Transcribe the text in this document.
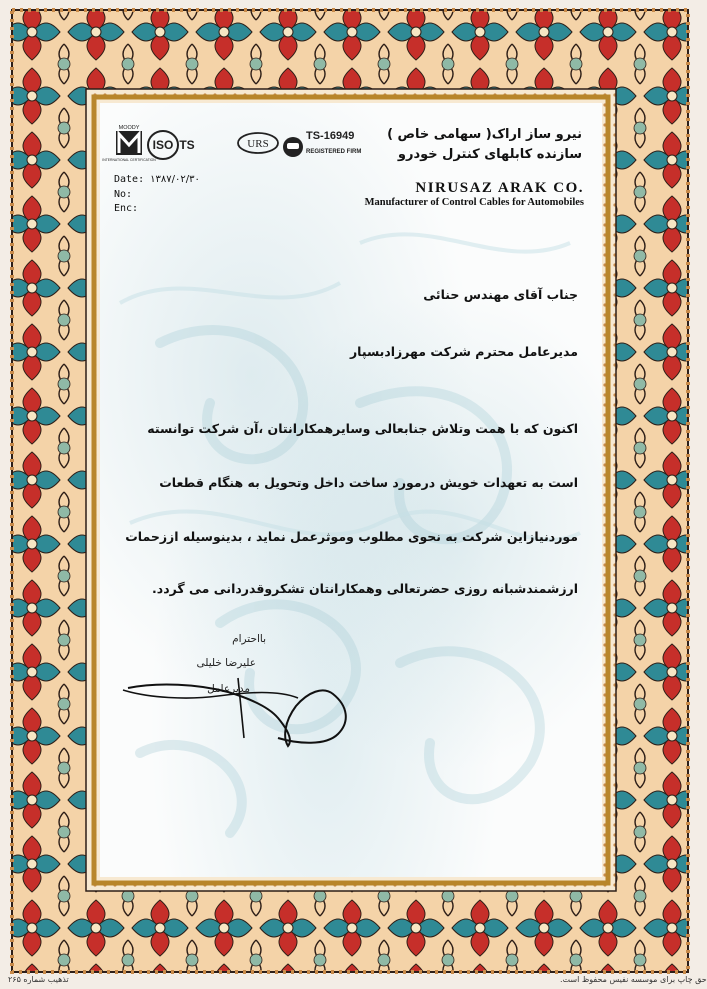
MOODY
INTERNATIONAL CERTIFICATION
ISO TS	URS
TS-16949
REGISTERED FIRM
نیرو ساز اراک( سهامی خاص )
سازنده کابلهای کنترل خودرو
NIRUSAZ ARAK CO.
Manufacturer of Control Cables for Automobiles
Date: ۱۳۸۷/۰۲/۳۰
No:
Enc:
جناب آقای مهندس حنائی
مدیرعامل محترم شرکت مهرزادبسپار
اکنون که با همت وتلاش جنابعالی وسایرهمکارانتان ،آن شرکت توانسته
است به تعهدات خویش درمورد ساخت داخل وتحویل به هنگام قطعات
موردنیازاین شرکت به نحوی مطلوب وموثرعمل نماید ، بدینوسیله اززحمات
ارزشمندشبانه روزی حضرتعالی وهمکارانتان تشکروقدردانی می گردد.
بااحترام
علیرضا خلیلی
مدیرعامل
تذهیب شماره ۲۶۵	حق چاپ برای موسسه نفیس محفوظ است.
